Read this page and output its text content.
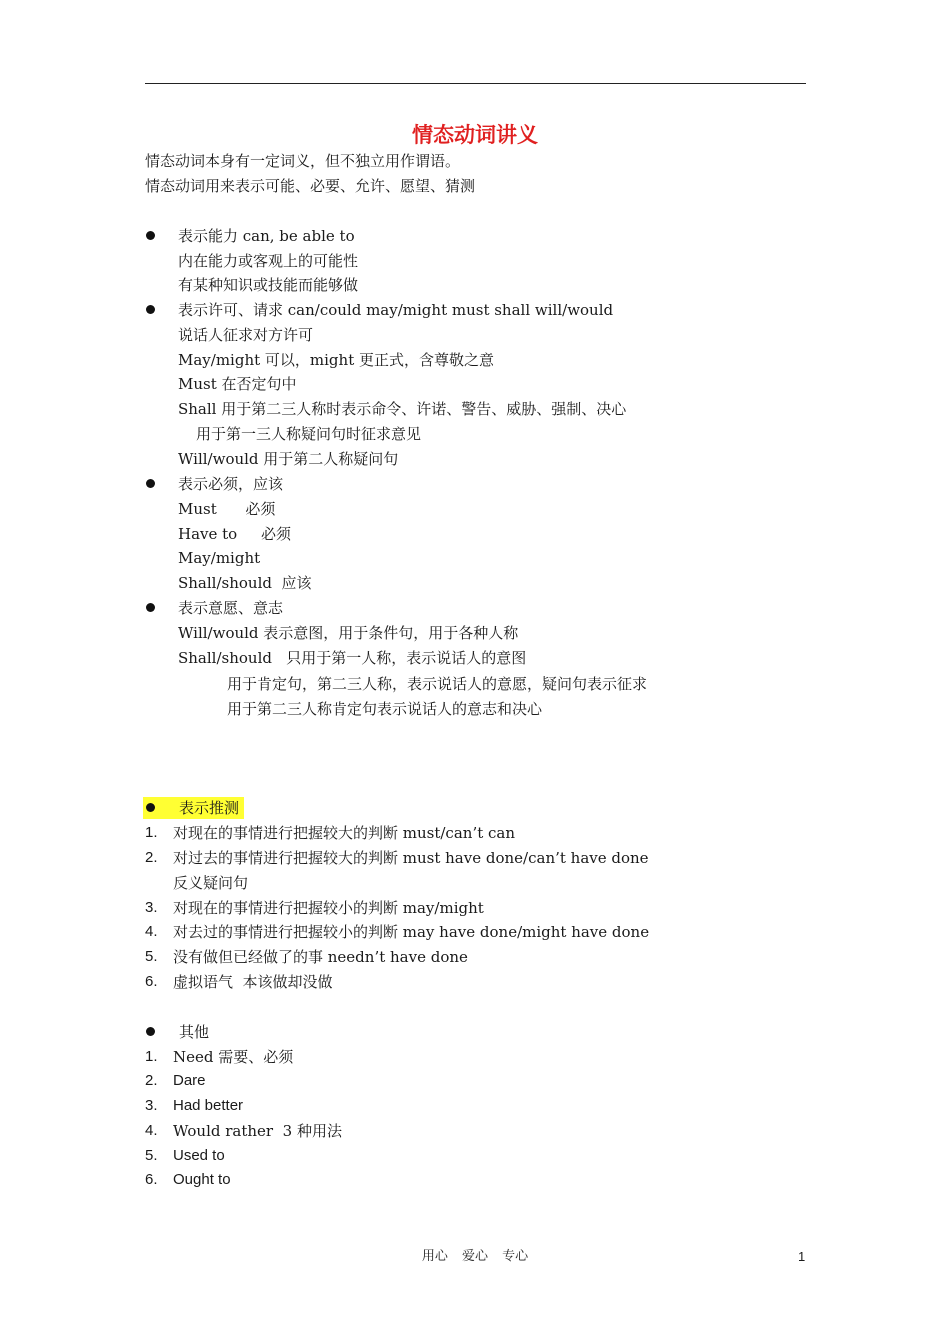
情态动词讲义
情态动词本身有一定词义，但不独立用作谓语。
情态动词用来表示可能、必要、允许、愿望、猜测
表示能力 can, be able to
内在能力或客观上的可能性
有某种知识或技能而能够做
表示许可、请求 can/could may/might must shall will/would
说话人征求对方许可
May/might 可以，might 更正式，含尊敬之意
Must 在否定句中
Shall 用于第二三人称时表示命令、许诺、警告、威胁、强制、决心
用于第一三人称疑问句时征求意见
Will/would 用于第二人称疑问句
表示必须，应该
Must      必须
Have to     必须
May/might
Shall/should  应该
表示意愿、意志
Will/would 表示意图，用于条件句，用于各种人称
Shall/should   只用于第一人称，表示说话人的意图
用于肯定句，第二三人称，表示说话人的意愿，疑问句表示征求
用于第二三人称肯定句表示说话人的意志和决心
表示推测
1. 对现在的事情进行把握较大的判断 must/can’t can
2. 对过去的事情进行把握较大的判断 must have done/can’t have done
反义疑问句
3. 对现在的事情进行把握较小的判断 may/might
4. 对去过的事情进行把握较小的判断 may have done/might have done
5. 没有做但已经做了的事 needn’t have done
6. 虚拟语气  本该做却没做
其他
1. Need 需要、必须
2. Dare
3. Had better
4. Would rather  3 种用法
5. Used to
6. Ought to
用心 爱心 专心	1
